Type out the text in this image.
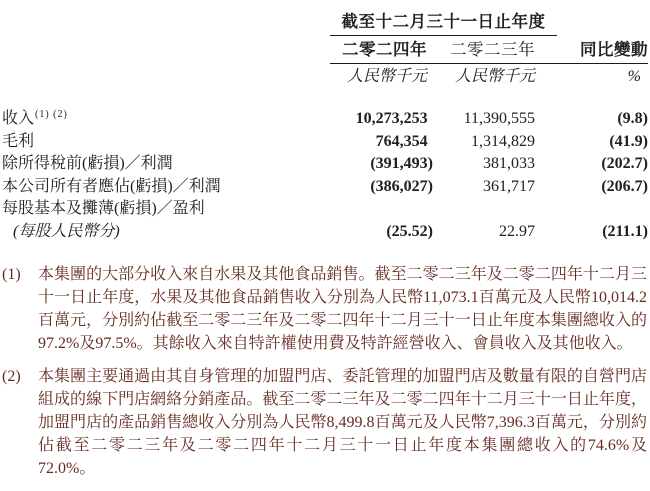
	截至十二月三十一日止年度		
	二零二四年	二零二三年	同比變動
	人民幣千元	人民幣千元	%
收入$^{(1) (2)}$	10,273,253	11,390,555	(9.8)
毛利	764,354	1,314,829	(41.9)
除所得稅前(虧損)／利潤	(391,493)	381,033	(202.7)
本公司所有者應佔(虧損)／利潤	(386,027)	361,717	(206.7)
每股基本及攤薄(虧損)／盈利			
(每股人民幣分)	(25.52)	22.97	(211.1)
(1)	本集團的大部分收入來自水果及其他食品銷售。截至二零二三年及二零二四年十二月三十一日止年度，水果及其他食品銷售收入分別為人民幣11,073.1百萬元及人民幣10,014.2百萬元，分別約佔截至二零二三年及二零二四年十二月三十一日止年度本集團總收入的97.2%及97.5%。其餘收入來自特許權使用費及特許經營收入、會員收入及其他收入。
(2)	本集團主要通過由其自身管理的加盟門店、委託管理的加盟門店及數量有限的自營門店組成的線下門店網絡分銷產品。截至二零二三年及二零二四年十二月三十一日止年度，加盟門店的產品銷售總收入分別為人民幣8,499.8百萬元及人民幣7,396.3百萬元，分別約佔截至二零二三年及二零二四年十二月三十一日止年度本集團總收入的74.6%及72.0%。
